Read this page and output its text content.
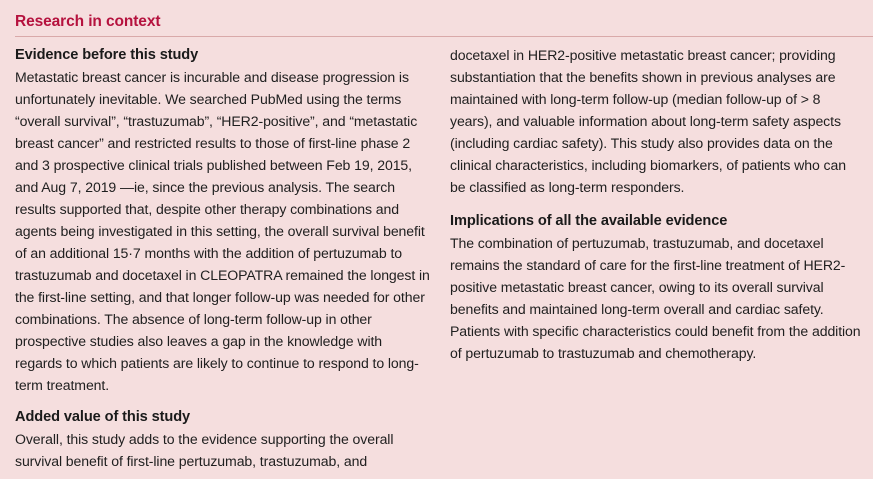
Research in context
Evidence before this study

Metastatic breast cancer is incurable and disease progression is unfortunately inevitable. We searched PubMed using the terms “overall survival”, “trastuzumab”, “HER2-positive”, and “metastatic breast cancer” and restricted results to those of first-line phase 2 and 3 prospective clinical trials published between Feb 19, 2015, and Aug 7, 2019 —ie, since the previous analysis. The search results supported that, despite other therapy combinations and agents being investigated in this setting, the overall survival benefit of an additional 15·7 months with the addition of pertuzumab to trastuzumab and docetaxel in CLEOPATRA remained the longest in the first-line setting, and that longer follow-up was needed for other combinations. The absence of long-term follow-up in other prospective studies also leaves a gap in the knowledge with regards to which patients are likely to continue to respond to long-term treatment.

Added value of this study

Overall, this study adds to the evidence supporting the overall survival benefit of first-line pertuzumab, trastuzumab, and

docetaxel in HER2-positive metastatic breast cancer; providing substantiation that the benefits shown in previous analyses are maintained with long-term follow-up (median follow-up of > 8 years), and valuable information about long-term safety aspects (including cardiac safety). This study also provides data on the clinical characteristics, including biomarkers, of patients who can be classified as long-term responders.

Implications of all the available evidence

The combination of pertuzumab, trastuzumab, and docetaxel remains the standard of care for the first-line treatment of HER2-positive metastatic breast cancer, owing to its overall survival benefits and maintained long-term overall and cardiac safety. Patients with specific characteristics could benefit from the addition of pertuzumab to trastuzumab and chemotherapy.
